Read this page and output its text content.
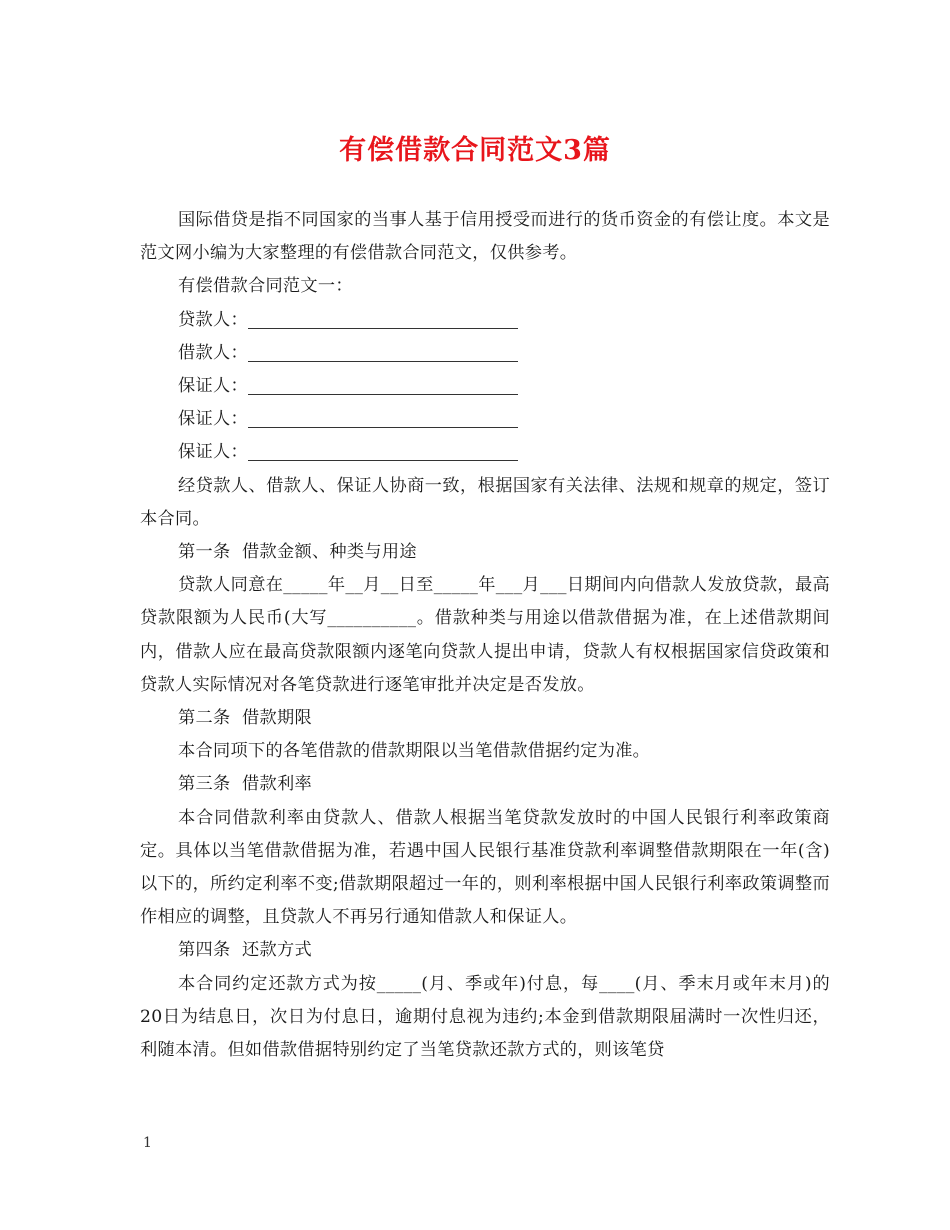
有偿借款合同范文3篇

国际借贷是指不同国家的当事人基于信用授受而进行的货币资金的有偿让度。本文是范文网小编为大家整理的有偿借款合同范文，仅供参考。

有偿借款合同范文一：

贷款人：

借款人：

保证人：

保证人：

保证人：

经贷款人、借款人、保证人协商一致，根据国家有关法律、法规和规章的规定，签订本合同。

第一条  借款金额、种类与用途

贷款人同意在_____年__月__日至_____年___月___日期间内向借款人发放贷款，最高贷款限额为人民币(大写__________。借款种类与用途以借款借据为准，在上述借款期间内，借款人应在最高贷款限额内逐笔向贷款人提出申请，贷款人有权根据国家信贷政策和贷款人实际情况对各笔贷款进行逐笔审批并决定是否发放。

第二条  借款期限

本合同项下的各笔借款的借款期限以当笔借款借据约定为准。

第三条  借款利率

本合同借款利率由贷款人、借款人根据当笔贷款发放时的中国人民银行利率政策商定。具体以当笔借款借据为准，若遇中国人民银行基准贷款利率调整借款期限在一年(含)以下的，所约定利率不变;借款期限超过一年的，则利率根据中国人民银行利率政策调整而作相应的调整，且贷款人不再另行通知借款人和保证人。

第四条  还款方式

本合同约定还款方式为按_____(月、季或年)付息，每____(月、季末月或年末月)的20日为结息日，次日为付息日，逾期付息视为违约;本金到借款期限届满时一次性归还，利随本清。但如借款借据特别约定了当笔贷款还款方式的，则该笔贷

1
